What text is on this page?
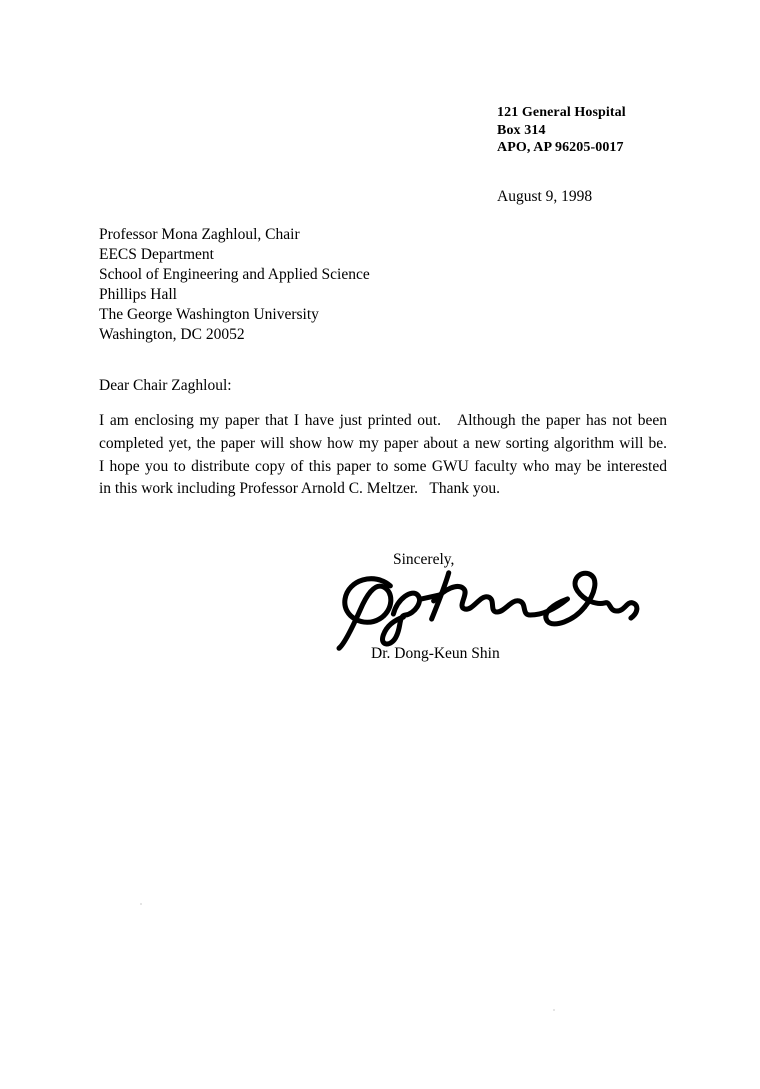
121 General Hospital
Box 314
APO, AP 96205-0017
August 9, 1998
Professor Mona Zaghloul, Chair
EECS Department
School of Engineering and Applied Science
Phillips Hall
The George Washington University
Washington, DC 20052
Dear Chair Zaghloul:
I am enclosing my paper that I have just printed out.   Although the paper has not been
completed yet, the paper will show how my paper about a new sorting algorithm will be.
I hope you to distribute copy of this paper to some GWU faculty who may be interested
in this work including Professor Arnold C. Meltzer.   Thank you.
Sincerely,
Dr. Dong-Keun Shin
